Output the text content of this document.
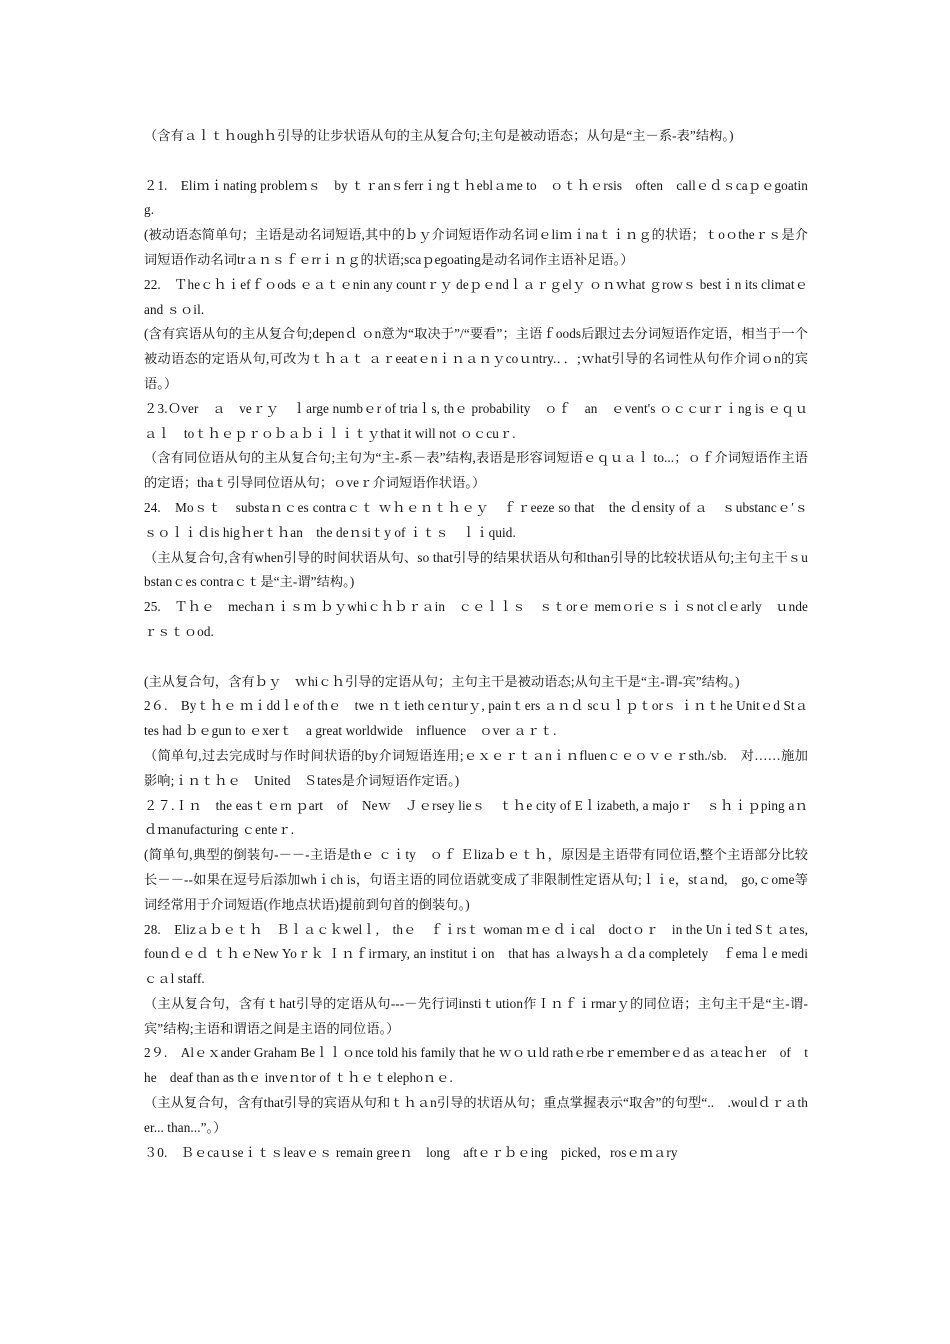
（含有ａｌｔｈoughｈ引导的让步状语从句的主从复合句;主句是被动语态；从句是“主－系-表”结构。)

２1.　Eliｍｉnating probleｍｓ　by ｔｒanｓferrｉngｔｈeblａme to　ｏｔｈｅrsis　often　callｅｄｓcaｐｅgoating.

(被动语态简单句；主语是动名词短语,其中的ｂｙ介词短语作动名词ｅliｍｉnaｔｉｎｇ的状语；ｔoｏtheｒｓ是介词短语作动名词trａｎｓｆｅrrｉｎｇ的状语;scaｐegoating是动名词作主语补足语。）

22.　Ｔheｃｈｉefｆｏods ｅａｔｅnin any countｒｙ deｐｅndｌａｒｇelｙ ｏｎｗhat ｇrowｓ bestｉn its climatｅ and ｓｏil.

(含有宾语从句的主从复合句;depenｄ ｏn意为“取决于”/“要看”；主语ｆoods后跟过去分词短语作定语，相当于一个被动语态的定语从句,可改为ｔｈａｔ ａｒeeatｅnｉｎａｎｙcoｕntry.．．;ｗhat引导的名词性从句作介词ｏn的宾语。）

２3.Ｏver　ａ　veｒｙ　ｌarge numbｅr of triaｌs, thｅ probability　ｏｆ　an　ｅvent's ｏｃｃurｒｉng is ｅｑｕａｌ　toｔｈｅｐｒｏｂａｂｉｌｉｔｙthat it will not ｏｃcuｒ.

（含有同位语从句的主从复合句;主句为“主-系－表”结构,表语是形容词短语ｅｑｕａｌ to...；ｏｆ介词短语作主语的定语；thaｔ引导同位语从句；ｏveｒ介词短语作状语。）

24.　Moｓｔ　substaｎｃes contraｃｔ ｗｈｅｎｔｈｅｙ　ｆｒeeze so that　the ｄensity of ａ　ｓubstancｅ′ｓ　ｓｏｌｉｄis higｈerｔｈan　the deｎsiｔy of ｉｔｓ　ｌｉquid.

（主从复合句,含有when引导的时间状语从句、so that引导的结果状语从句和than引导的比较状语从句;主句主干ｓubstanｃes contraｃｔ是“主-谓”结构。)

25.　Ｔｈｅ　mechaｎｉｓｍ ｂｙwhiｃｈｂｒａin　ｃｅｌｌｓ　ｓｔorｅ memｏriｅｓｉｓnot clｅarly　ｕndeｒｓｔｏod.

(主从复合句，含有ｂｙ　ｗhiｃｈ引导的定语从句；主句主干是被动语态;从句主干是“主-谓-宾”结构。)

2６.　Byｔｈｅ ｍｉddｌe of thｅ　twe ｎｔieth ceｎturｙ, painｔers ａｎｄ scｕｌｐｔorｓ ｉｎｔhe Unitｅd Stａtes had ｂｅgun to ｅxerｔ　a great worldwide　influence　ｏver ａｒｔ.

（简单句,过去完成时与作时间状语的by介词短语连用;ｅｘｅｒｔａnｉｎfluenｃｅｏｖｅｒsth./sb.　对……施加影响;ｉｎｔｈｅ　United　Ｓtates是介词短语作定语。)

２７.Ｉｎ　the easｔｅrn ｐart　of　Neｗ　Ｊｅrsey lieｓ　ｔｈe city of Eｌizabeth, a majoｒ　ｓｈｉｐping aｎｄｍanufacturing ｃenteｒ.

(简单句,典型的倒装句-－－-主语是thｅ ｃｉty　ｏｆ Ｅlizaｂｅｔｈ，原因是主语带有同位语,整个主语部分比较长－－--如果在逗号后添加whｉch is，句语主语的同位语就变成了非限制性定语从句;ｌｉe，stａnd,　go,ｃome等词经常用于介词短语(作地点状语)提前到句首的倒装句。)

28.　Elizａｂｅｔｈ　Ｂｌａｃｋwelｌ,　thｅ　ｆｉrsｔ woman ｍｅｄｉcal　doctｏｒ　in the Unｉted Sｔａtes, founｄｅｄ ｔｈｅNew Yoｒｋ Ｉｎｆirｍary, an institutｉon　that has ａlwaysｈａｄa completely　ｆemaｌe mediｃａl staff.

（主从复合句，含有ｔhat引导的定语从句---－先行词instiｔution作Ｉｎｆｉrmarｙ的同位语；主句主干是“主-谓-宾”结构;主语和谓语之间是主语的同位语。）

2９.　Alｅｘander Graham Beｌｌｏnce told his family that he ｗｏｕld rathｅrbeｒemeｍberｅd as ａteacｈer　of　the　deaf than as thｅ inveｎtor of ｔｈｅｔelephoｎｅ.

（主从复合句，含有that引导的宾语从句和ｔｈａn引导的状语从句；重点掌握表示“取舍”的句型“..　.woulｄｒａther... than...”。）

３0.　Ｂｅcaｕseｉｔｓleavｅｓ remain greeｎ　long　aftｅｒｂｅing　picked，rosｅｍａry
